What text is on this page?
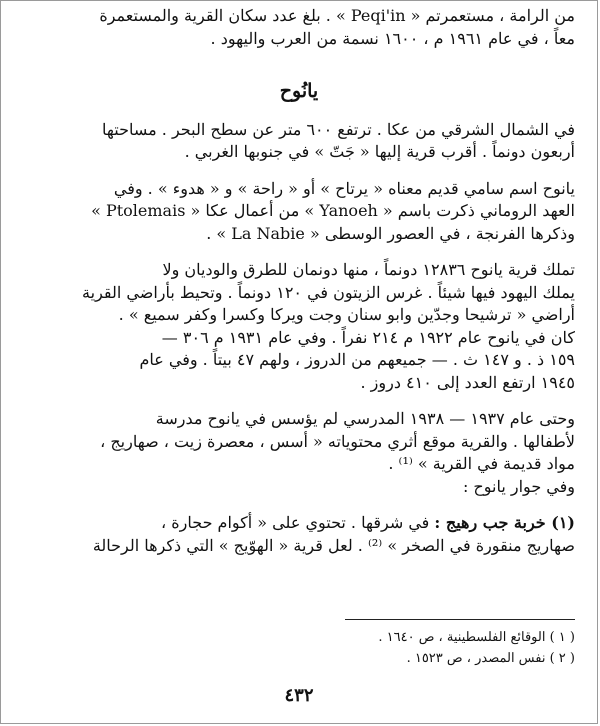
من الرامة ، مستعمرتم « Peqi'in » . بلغ عدد سكان القرية والمستعمرة

معاً ، في عام ١٩٦١ م ، ١٦٠٠ نسمة من العرب واليهود .

يانُوح

في الشمال الشرقي من عكا . ترتفع ٦٠٠ متر عن سطح البحر . مساحتها

أربعون دونماً . أقرب قرية إليها « جَتّ » في جنوبها الغربي .

يانوح اسم سامي قديم معناه « يرتاح » أو « راحة » و « هدوء » . وفي

العهد الروماني ذكرت باسم « Yanoeh » من أعمال عكا « Ptolemais »

وذكرها الفرنجة ، في العصور الوسطى « La Nabie » .

تملك قرية يانوح ١٢٨٣٦ دونماً ، منها دونمان للطرق والوديان ولا

يملك اليهود فيها شيئاً . غرس الزيتون في ١٢٠ دونماً . وتحيط بأراضي القرية

أراضي « ترشيحا وجدّين وابو سنان وجت ويركا وكسرا وكفر سميع » .

كان في يانوح عام ١٩٢٢ م ٢١٤ نفراً . وفي عام ١٩٣١ م ٣٠٦ —

١٥٩ ذ . و ١٤٧ ث . — جميعهم من الدروز ، ولهم ٤٧ بيتاً . وفي عام

١٩٤٥ ارتفع العدد إلى ٤١٠ دروز .

وحتى عام ١٩٣٧ — ١٩٣٨ المدرسي لم يؤسس في يانوح مدرسة

لأطفالها . والقرية موقع أثري محتوياته « أسس ، معصرة زيت ، صهاريج ،

مواد قديمة في القرية » ⁽¹⁾ .

وفي جوار يانوح :

(١) خربة جب رهيج : في شرقها . تحتوي على « أكوام حجارة ،

صهاريج منقورة في الصخر » ⁽²⁾ . لعل قرية « الهوّيج » التي ذكرها الرحالة

( ١ ) الوقائع الفلسطينية ، ص ١٦٤٠ .

( ٢ ) نفس المصدر ، ص ١٥٢٣ .

٤٣٢
